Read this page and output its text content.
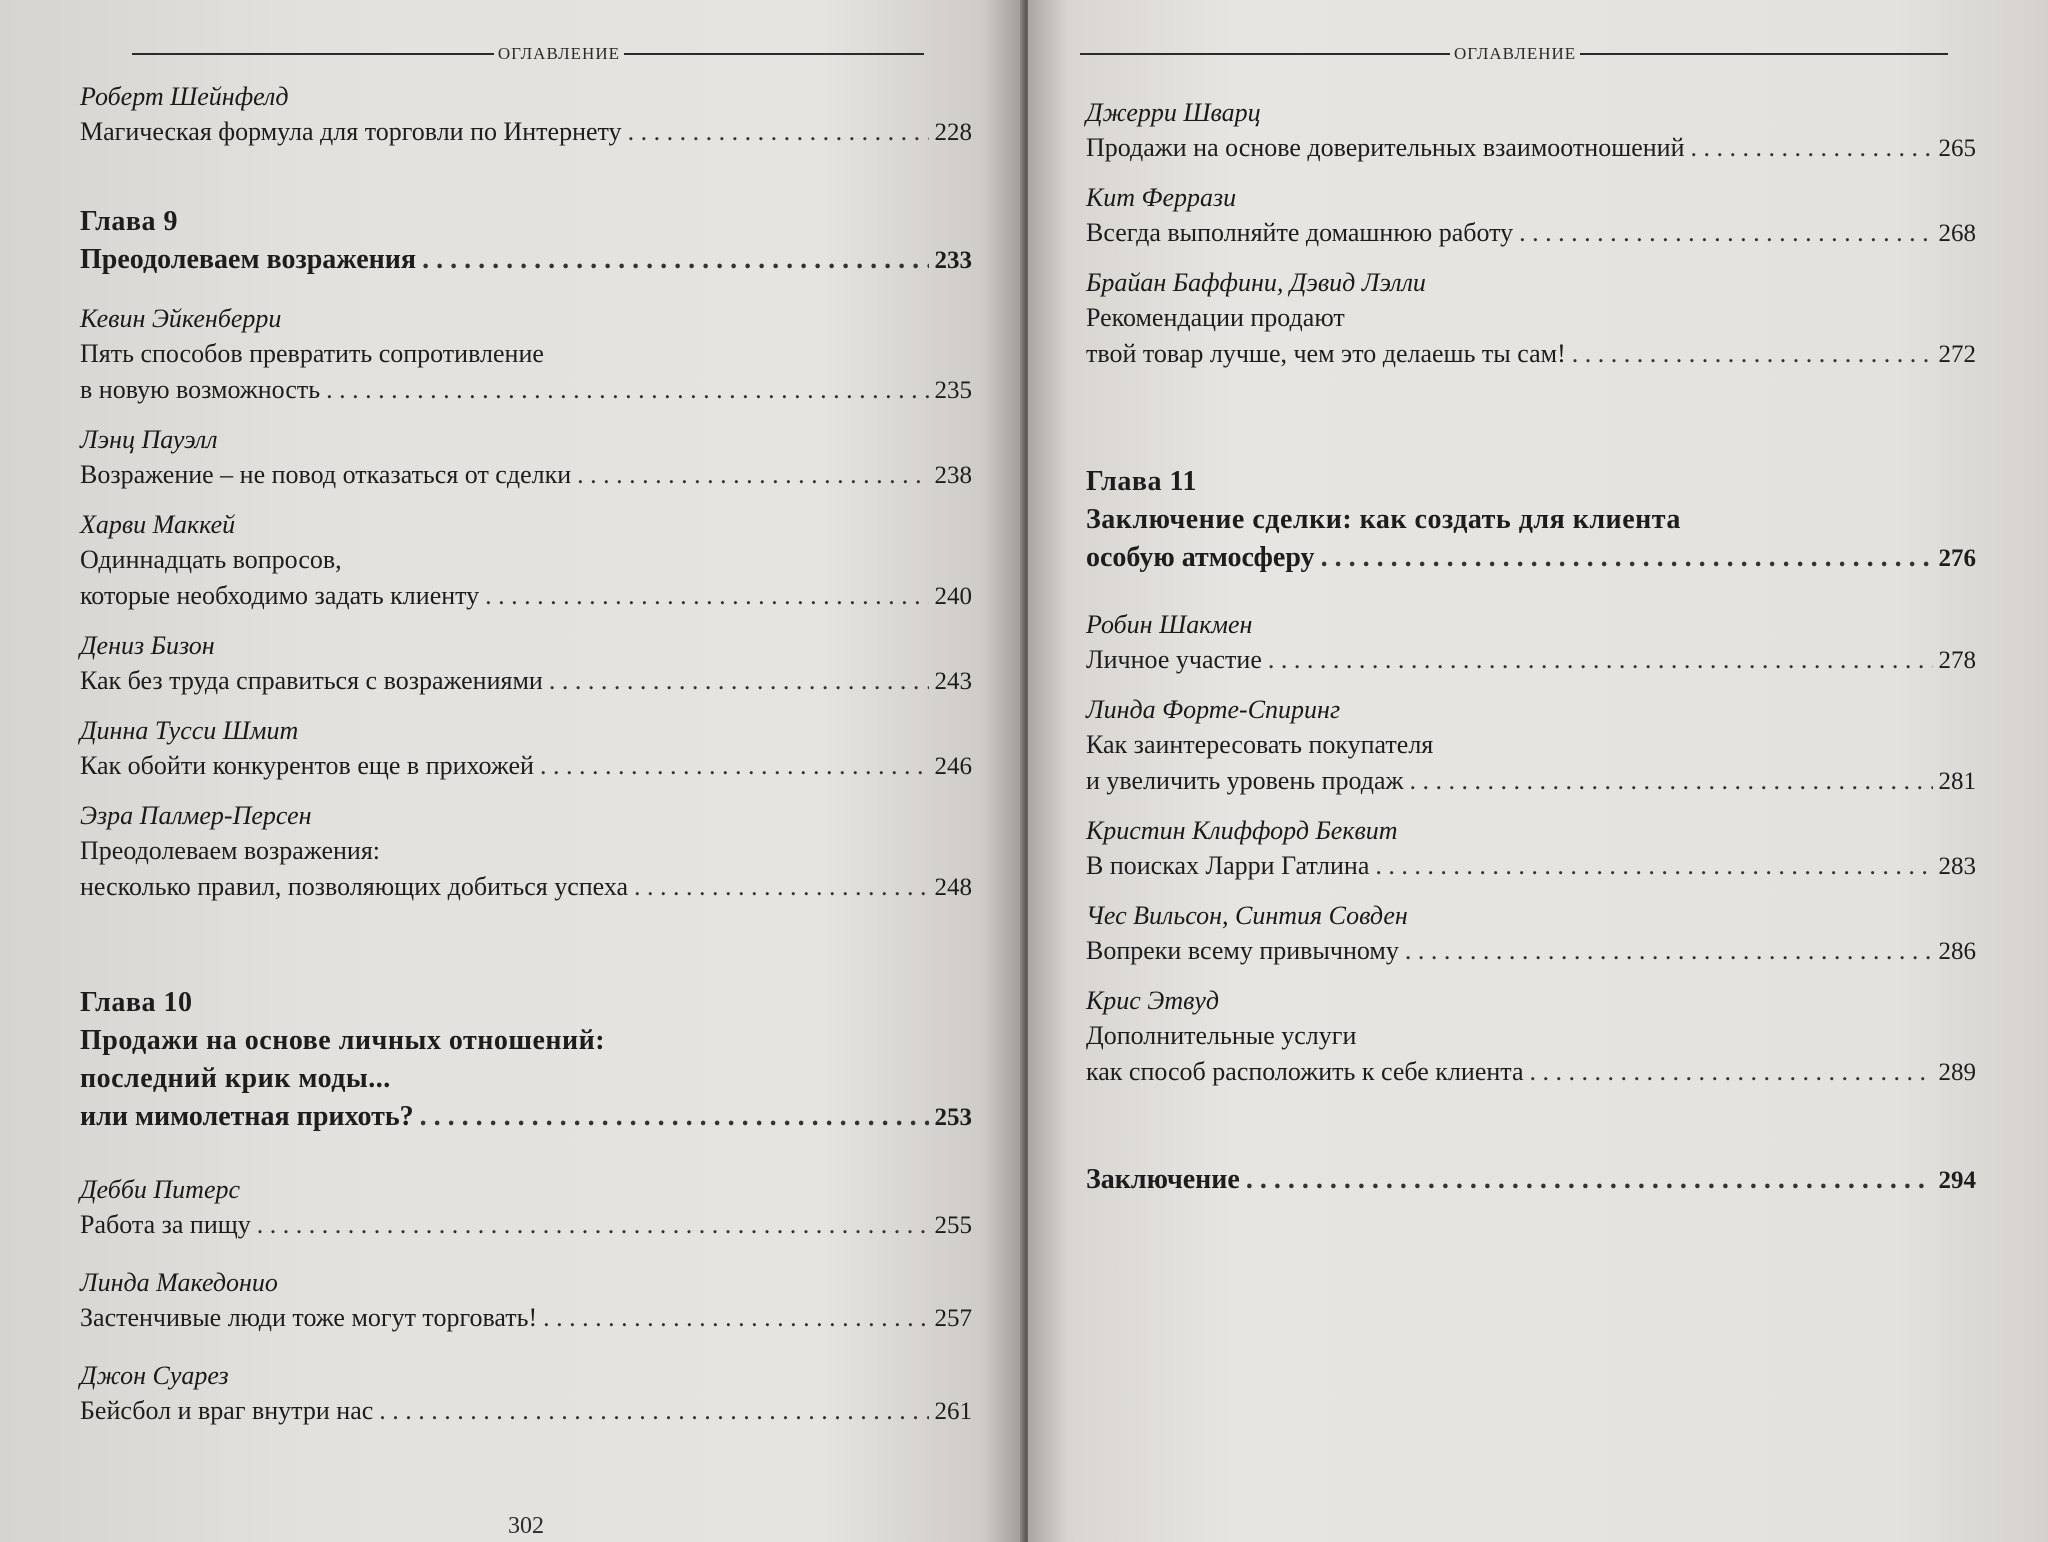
ОГЛАВЛЕНИЕ
Роберт Шейнфелд
Магическая формула для торговли по Интернету . . .	228
Глава 9
Преодолеваем возражения . . .	233
Кевин Эйкенберри
Пять способов превратить сопротивление
в новую возможность . . .	235
Лэнц Пауэлл
Возражение – не повод отказаться от сделки . . .	238
Харви Маккей
Одиннадцать вопросов,
которые необходимо задать клиенту . . .	240
Дениз Бизон
Как без труда справиться с возражениями . . .	243
Динна Тусси Шмит
Как обойти конкурентов еще в прихожей . . .	246
Эзра Палмер-Персен
Преодолеваем возражения:
несколько правил, позволяющих добиться успеха . . .	248
Глава 10
Продажи на основе личных отношений:
последний крик моды...
или мимолетная прихоть? . . .	253
Дебби Питерс
Работа за пищу . . .	255
Линда Македонио
Застенчивые люди тоже могут торговать! . . .	257
Джон Суарез
Бейсбол и враг внутри нас . . .	261
302
ОГЛАВЛЕНИЕ
Джерри Шварц
Продажи на основе доверительных взаимоотношений . . .	265
Кит Феррази
Всегда выполняйте домашнюю работу . . .	268
Брайан Баффини, Дэвид Лэлли
Рекомендации продают
твой товар лучше, чем это делаешь ты сам! . . .	272
Глава 11
Заключение сделки: как создать для клиента
особую атмосферу . . .	276
Робин Шакмен
Личное участие . . .	278
Линда Форте-Спиринг
Как заинтересовать покупателя
и увеличить уровень продаж . . .	281
Кристин Клиффорд Беквит
В поисках Ларри Гатлина . . .	283
Чес Вильсон, Синтия Совден
Вопреки всему привычному . . .	286
Крис Этвуд
Дополнительные услуги
как способ расположить к себе клиента . . .	289
Заключение . . .	294
